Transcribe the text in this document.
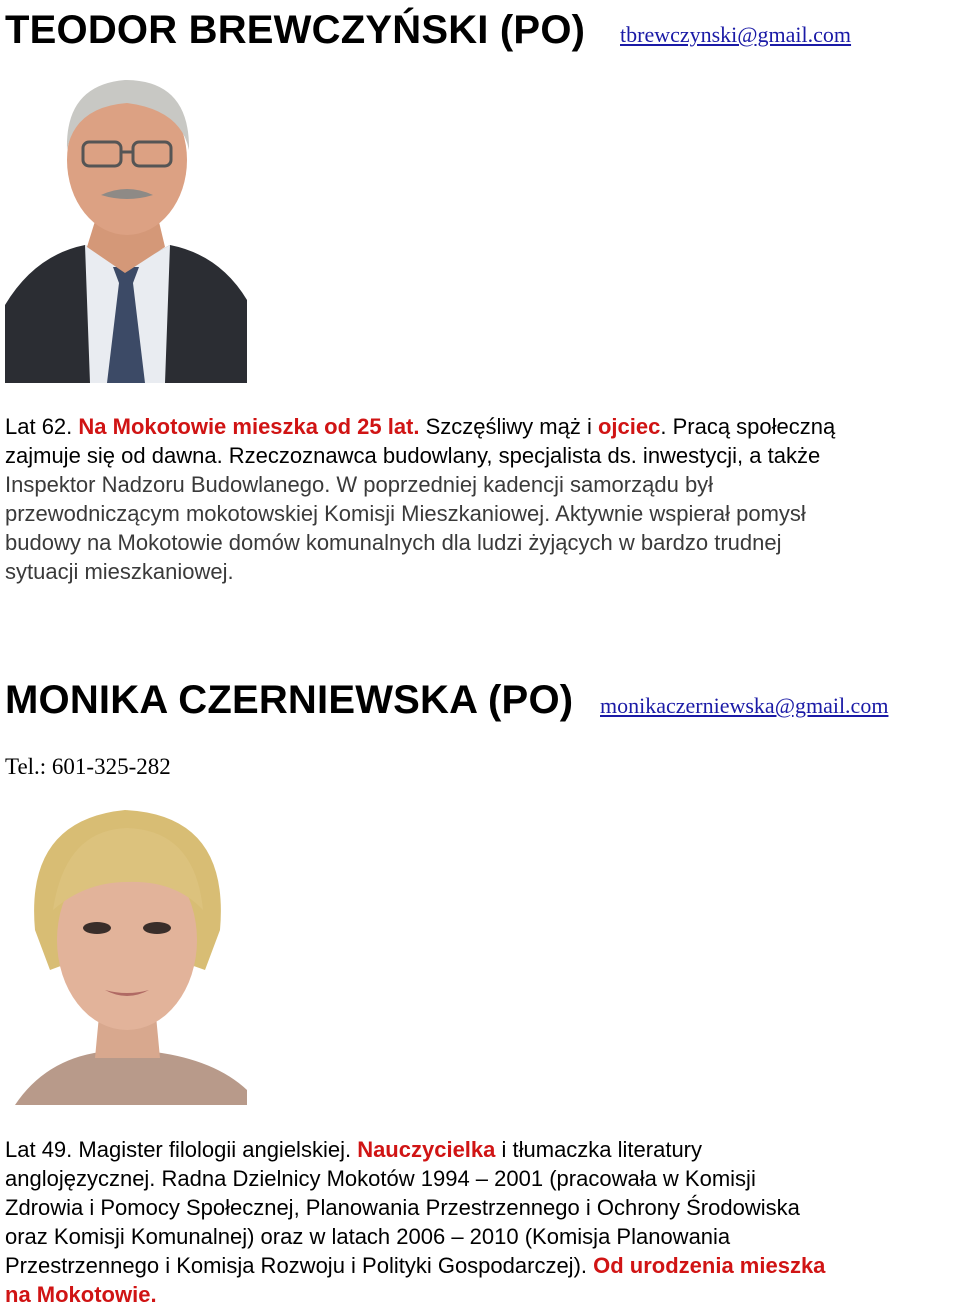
TEODOR BREWCZYŃSKI (PO) tbrewczynski@gmail.com
Lat 62. Na Mokotowie mieszka od 25 lat. Szczęśliwy mąż i ojciec. Pracą społeczną
zajmuje się od dawna. Rzeczoznawca budowlany, specjalista ds. inwestycji, a także
Inspektor Nadzoru Budowlanego. W poprzedniej kadencji samorządu był
przewodniczącym mokotowskiej Komisji Mieszkaniowej. Aktywnie wspierał pomysł
budowy na Mokotowie domów komunalnych dla ludzi żyjących w bardzo trudnej
sytuacji mieszkaniowej.
MONIKA CZERNIEWSKA (PO) monikaczerniewska@gmail.com
Tel.: 601-325-282
Lat 49. Magister filologii angielskiej. Nauczycielka i tłumaczka literatury
anglojęzycznej. Radna Dzielnicy Mokotów 1994 – 2001 (pracowała w Komisji
Zdrowia i Pomocy Społecznej, Planowania Przestrzennego i Ochrony Środowiska
oraz Komisji Komunalnej) oraz w latach 2006 – 2010 (Komisja Planowania
Przestrzennego i Komisja Rozwoju i Polityki Gospodarczej). Od urodzenia mieszka
na Mokotowie.
